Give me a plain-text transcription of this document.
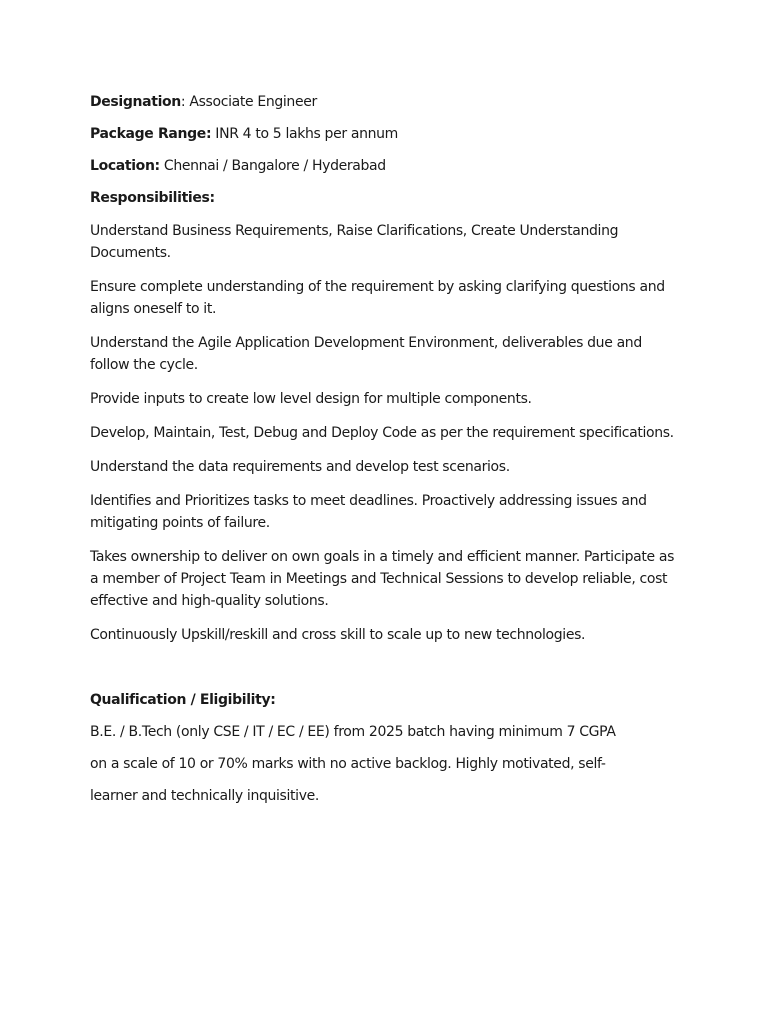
Designation: Associate Engineer

Package Range: INR 4 to 5 lakhs per annum

Location: Chennai / Bangalore / Hyderabad

Responsibilities:

Understand Business Requirements, Raise Clarifications, Create Understanding Documents.

Ensure complete understanding of the requirement by asking clarifying questions and aligns oneself to it.

Understand the Agile Application Development Environment, deliverables due and follow the cycle.

Provide inputs to create low level design for multiple components.

Develop, Maintain, Test, Debug and Deploy Code as per the requirement specifications.

Understand the data requirements and develop test scenarios.

Identifies and Prioritizes tasks to meet deadlines. Proactively addressing issues and mitigating points of failure.

Takes ownership to deliver on own goals in a timely and efficient manner. Participate as a member of Project Team in Meetings and Technical Sessions to develop reliable, cost effective and high-quality solutions.

Continuously Upskill/reskill and cross skill to scale up to new technologies.

Qualification / Eligibility:

B.E. / B.Tech (only CSE / IT / EC / EE) from 2025 batch having minimum 7 CGPA

on a scale of 10 or 70% marks with no active backlog. Highly motivated, self-

learner and technically inquisitive.
